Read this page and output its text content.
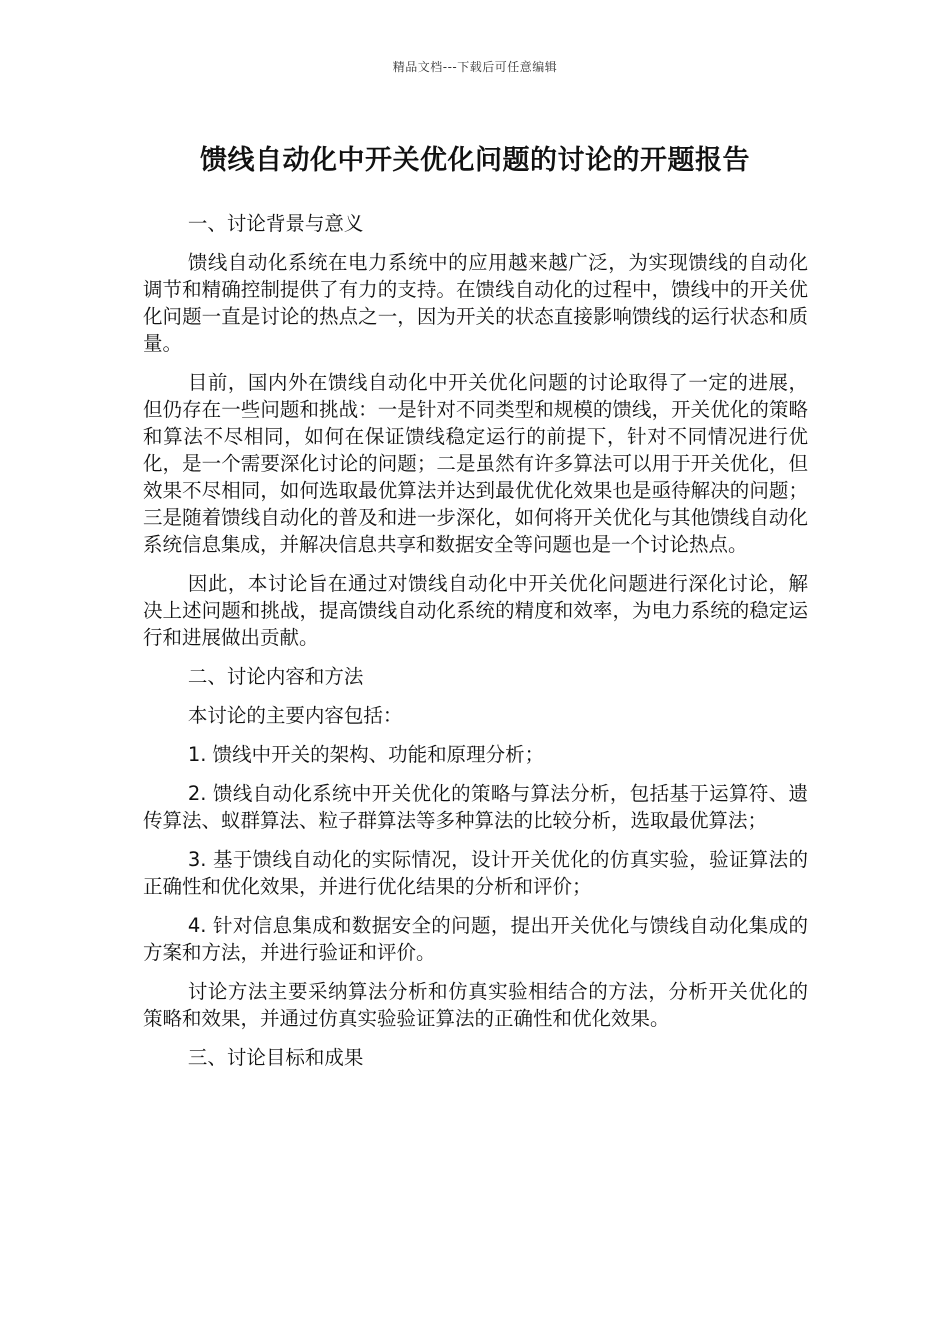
精品文档---下载后可任意编辑
馈线自动化中开关优化问题的讨论的开题报告

一、讨论背景与意义

馈线自动化系统在电力系统中的应用越来越广泛，为实现馈线的自动化调节和精确控制提供了有力的支持。在馈线自动化的过程中，馈线中的开关优化问题一直是讨论的热点之一，因为开关的状态直接影响馈线的运行状态和质量。

目前，国内外在馈线自动化中开关优化问题的讨论取得了一定的进展，但仍存在一些问题和挑战：一是针对不同类型和规模的馈线，开关优化的策略和算法不尽相同，如何在保证馈线稳定运行的前提下，针对不同情况进行优化，是一个需要深化讨论的问题；二是虽然有许多算法可以用于开关优化，但效果不尽相同，如何选取最优算法并达到最优优化效果也是亟待解决的问题；三是随着馈线自动化的普及和进一步深化，如何将开关优化与其他馈线自动化系统信息集成，并解决信息共享和数据安全等问题也是一个讨论热点。

因此，本讨论旨在通过对馈线自动化中开关优化问题进行深化讨论，解决上述问题和挑战，提高馈线自动化系统的精度和效率，为电力系统的稳定运行和进展做出贡献。

二、讨论内容和方法

本讨论的主要内容包括：

1. 馈线中开关的架构、功能和原理分析；

2. 馈线自动化系统中开关优化的策略与算法分析，包括基于运算符、遗传算法、蚁群算法、粒子群算法等多种算法的比较分析，选取最优算法；

3. 基于馈线自动化的实际情况，设计开关优化的仿真实验，验证算法的正确性和优化效果，并进行优化结果的分析和评价；

4. 针对信息集成和数据安全的问题，提出开关优化与馈线自动化集成的方案和方法，并进行验证和评价。

讨论方法主要采纳算法分析和仿真实验相结合的方法，分析开关优化的策略和效果，并通过仿真实验验证算法的正确性和优化效果。

三、讨论目标和成果
